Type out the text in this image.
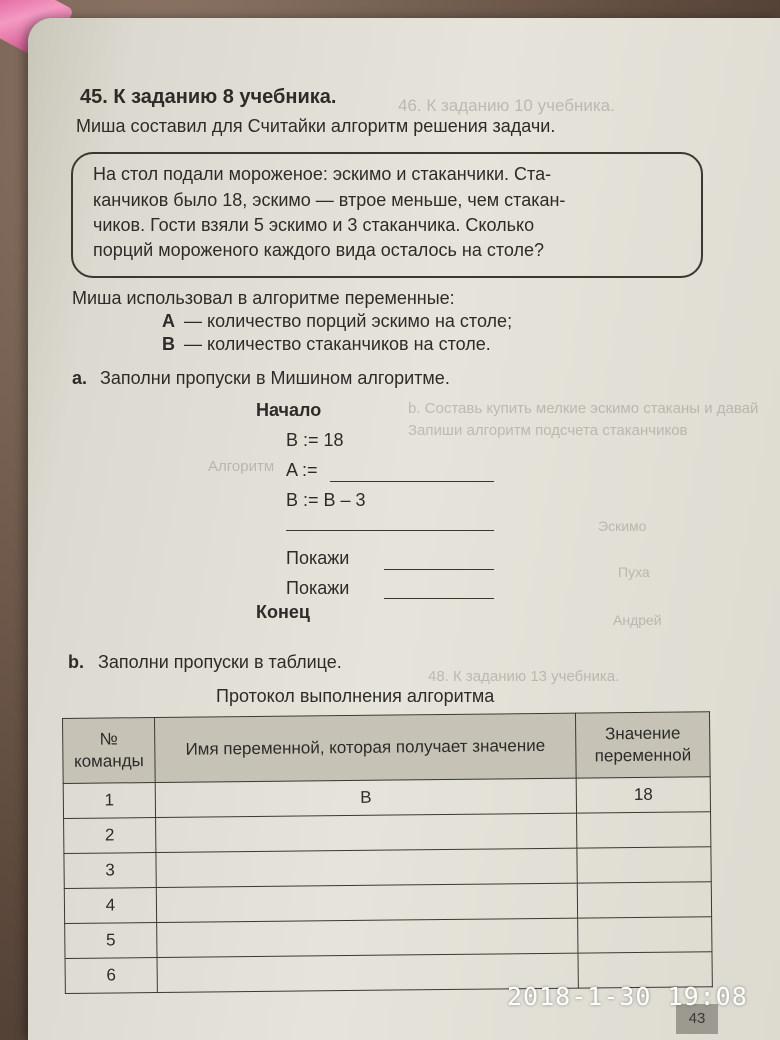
46. К заданию 10 учебника.
b. Составь купить мелкие эскимо стаканы и давай
Запиши алгоритм подсчета стаканчиков
Алгоритм
Эскимо
Пуха
Андрей
48. К заданию 13 учебника.
45. К заданию 8 учебника.
Миша составил для Считайки алгоритм решения задачи.
На стол подали мороженое: эскимо и стаканчики. Ста-
канчиков было 18, эскимо — втрое меньше, чем стакан-
чиков. Гости взяли 5 эскимо и 3 стаканчика. Сколько
порций мороженого каждого вида осталось на столе?
Миша использовал в алгоритме переменные:
А — количество порций эскимо на столе;
В — количество стаканчиков на столе.
a. Заполни пропуски в Мишином алгоритме.
Начало
B := 18
A :=
B := B – 3
Покажи
Покажи
Конец
b. Заполни пропуски в таблице.
Протокол выполнения алгоритма
№ команды	Имя переменной, которая получает значение	Значение переменной
1	B	18
2		
3		
4		
5		
6		
43
2018-1-30 19:08
